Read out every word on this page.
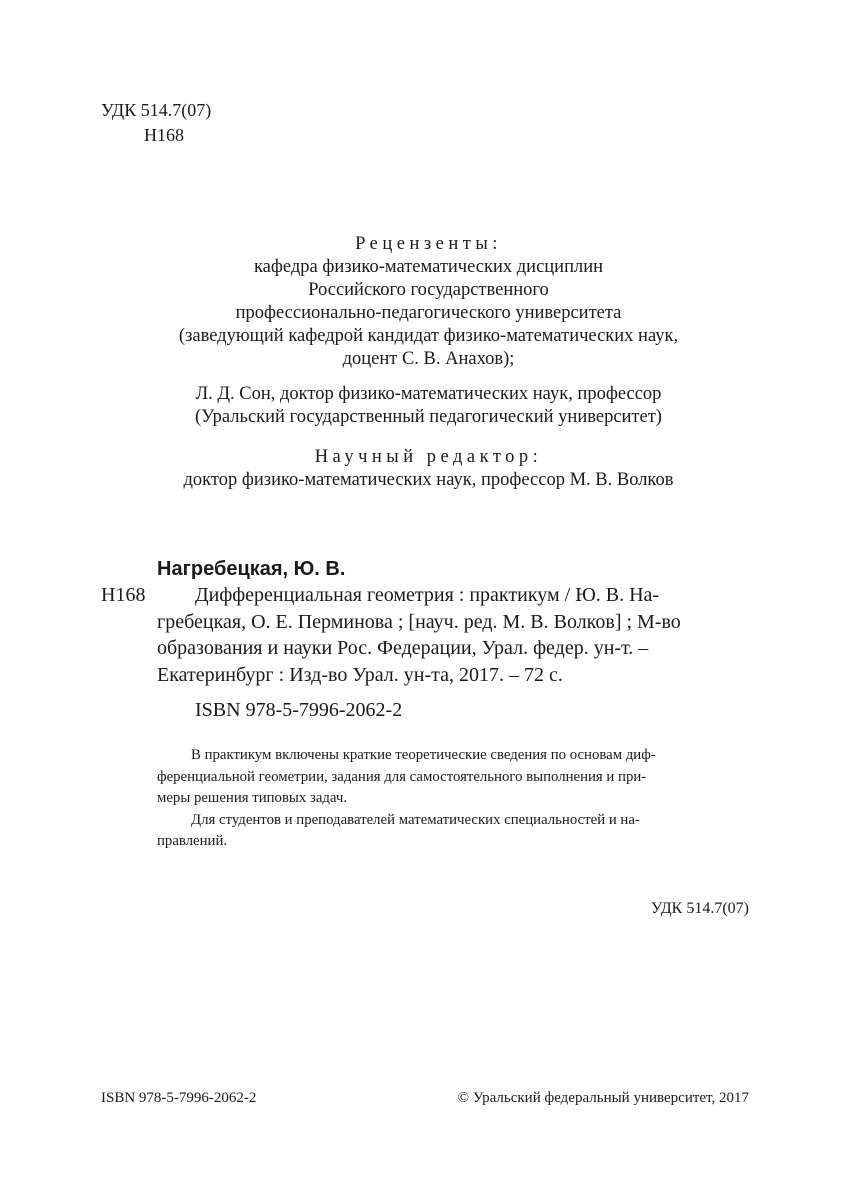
УДК 514.7(07)
Н168
Рецензенты:
кафедра физико-математических дисциплин
Российского государственного
профессионально-педагогического университета
(заведующий кафедрой кандидат физико-математических наук,
доцент С. В. Анахов);
Л. Д. Сон, доктор физико-математических наук, профессор
(Уральский государственный педагогический университет)
Научный редактор:
доктор физико-математических наук, профессор М. В. Волков
Нагребецкая, Ю. В.
Н168	Дифференциальная геометрия : практикум / Ю. В. На-
гребецкая, О. Е. Перминова ; [науч. ред. М. В. Волков] ; М-во
образования и науки Рос. Федерации, Урал. федер. ун-т. –
Екатеринбург : Изд-во Урал. ун-та, 2017. – 72 с.
ISBN 978-5-7996-2062-2
В практикум включены краткие теоретические сведения по основам диф-
ференциальной геометрии, задания для самостоятельного выполнения и при-
меры решения типовых задач.
Для студентов и преподавателей математических специальностей и на-
правлений.
УДК 514.7(07)
ISBN 978-5-7996-2062-2	© Уральский федеральный университет, 2017
